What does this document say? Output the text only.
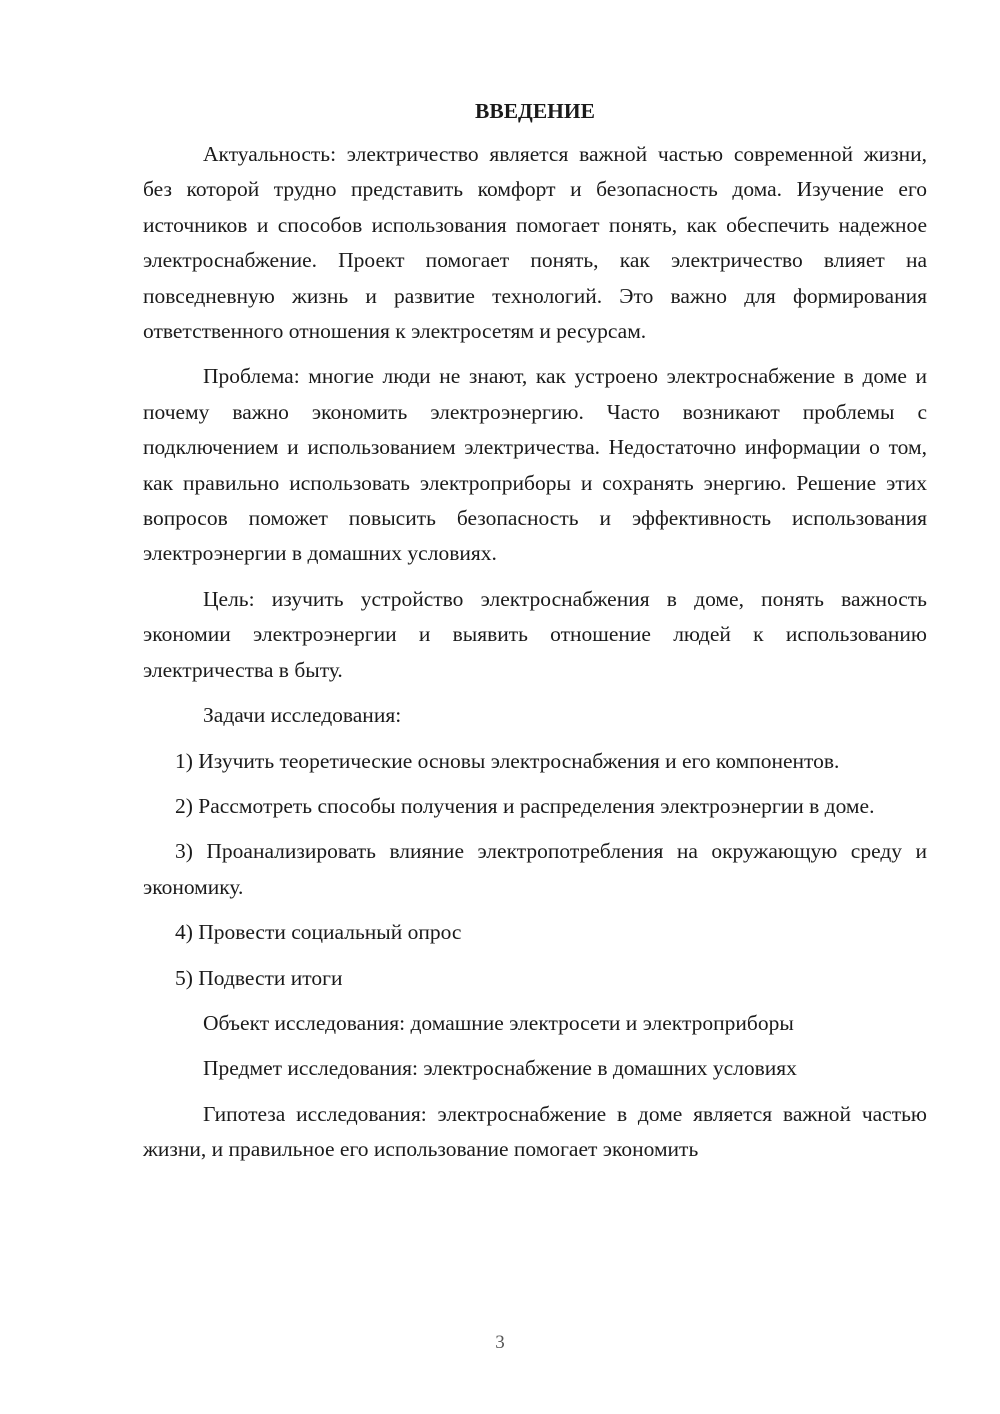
ВВЕДЕНИЕ

Актуальность: электричество является важной частью современной жизни, без которой трудно представить комфорт и безопасность дома. Изучение его источников и способов использования помогает понять, как обеспечить надежное электроснабжение. Проект помогает понять, как электричество влияет на повседневную жизнь и развитие технологий. Это важно для формирования ответственного отношения к электросетям и ресурсам.

Проблема: многие люди не знают, как устроено электроснабжение в доме и почему важно экономить электроэнергию. Часто возникают проблемы с подключением и использованием электричества. Недостаточно информации о том, как правильно использовать электроприборы и сохранять энергию. Решение этих вопросов поможет повысить безопасность и эффективность использования электроэнергии в домашних условиях.

Цель: изучить устройство электроснабжения в доме, понять важность экономии электроэнергии и выявить отношение людей к использованию электричества в быту.

Задачи исследования:

1) Изучить теоретические основы электроснабжения и его компонентов.

2) Рассмотреть способы получения и распределения электроэнергии в доме.

3) Проанализировать влияние электропотребления на окружающую среду и экономику.

4) Провести социальный опрос

5) Подвести итоги

Объект исследования: домашние электросети и электроприборы

Предмет исследования: электроснабжение в домашних условиях

Гипотеза исследования: электроснабжение в доме является важной частью жизни, и правильное его использование помогает экономить

3
